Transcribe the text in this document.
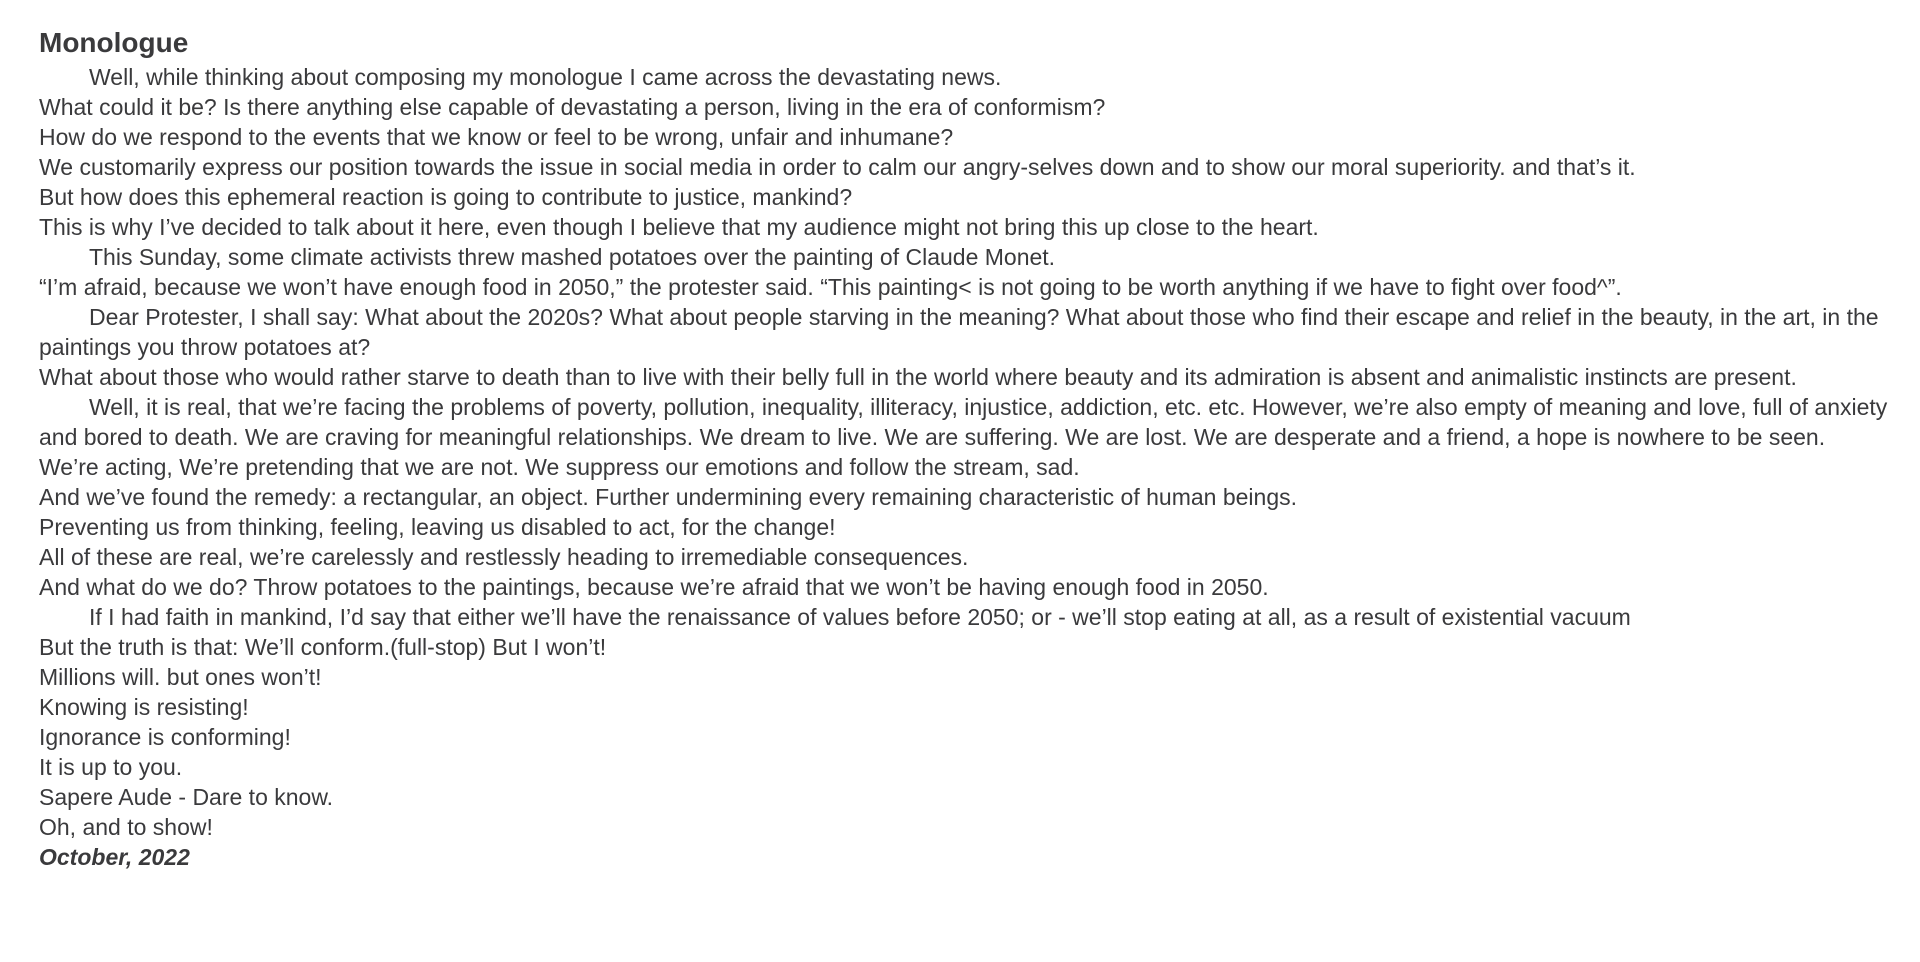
Monologue

Well, while thinking about composing my monologue I came across the devastating news.

What could it be? Is there anything else capable of devastating a person, living in the era of conformism?

How do we respond to the events that we know or feel to be wrong, unfair and inhumane?

We customarily express our position towards the issue in social media in order to calm our angry-selves down and to show our moral superiority. and that’s it.

But how does this ephemeral reaction is going to contribute to justice, mankind?

This is why I’ve decided to talk about it here, even though I believe that my audience might not bring this up close to the heart.

This Sunday, some climate activists threw mashed potatoes over the painting of Claude Monet.

“I’m afraid, because we won’t have enough food in 2050,” the protester said. “This painting< is not going to be worth anything if we have to fight over food^”.

Dear Protester, I shall say: What about the 2020s? What about people starving in the meaning? What about those who find their escape and relief in the beauty, in the art, in the paintings you throw potatoes at?

What about those who would rather starve to death than to live with their belly full in the world where beauty and its admiration is absent and animalistic instincts are present.

Well, it is real, that we’re facing the problems of poverty, pollution, inequality, illiteracy, injustice, addiction, etc. etc. However, we’re also empty of meaning and love, full of anxiety and bored to death. We are craving for meaningful relationships. We dream to live. We are suffering. We are lost. We are desperate and a friend, a hope is nowhere to be seen.

We’re acting, We’re pretending that we are not. We suppress our emotions and follow the stream, sad.

And we’ve found the remedy: a rectangular, an object. Further undermining every remaining characteristic of human beings.

Preventing us from thinking, feeling, leaving us disabled to act, for the change!

All of these are real, we’re carelessly and restlessly heading to irremediable consequences.

And what do we do? Throw potatoes to the paintings, because we’re afraid that we won’t be having enough food in 2050.

If I had faith in mankind, I’d say that either we’ll have the renaissance of values before 2050; or - we’ll stop eating at all, as a result of existential vacuum

But the truth is that: We’ll conform.(full-stop) But I won’t!

Millions will. but ones won’t!

Knowing is resisting!

Ignorance is conforming!

It is up to you.

Sapere Aude - Dare to know.

Oh, and to show!

October, 2022
